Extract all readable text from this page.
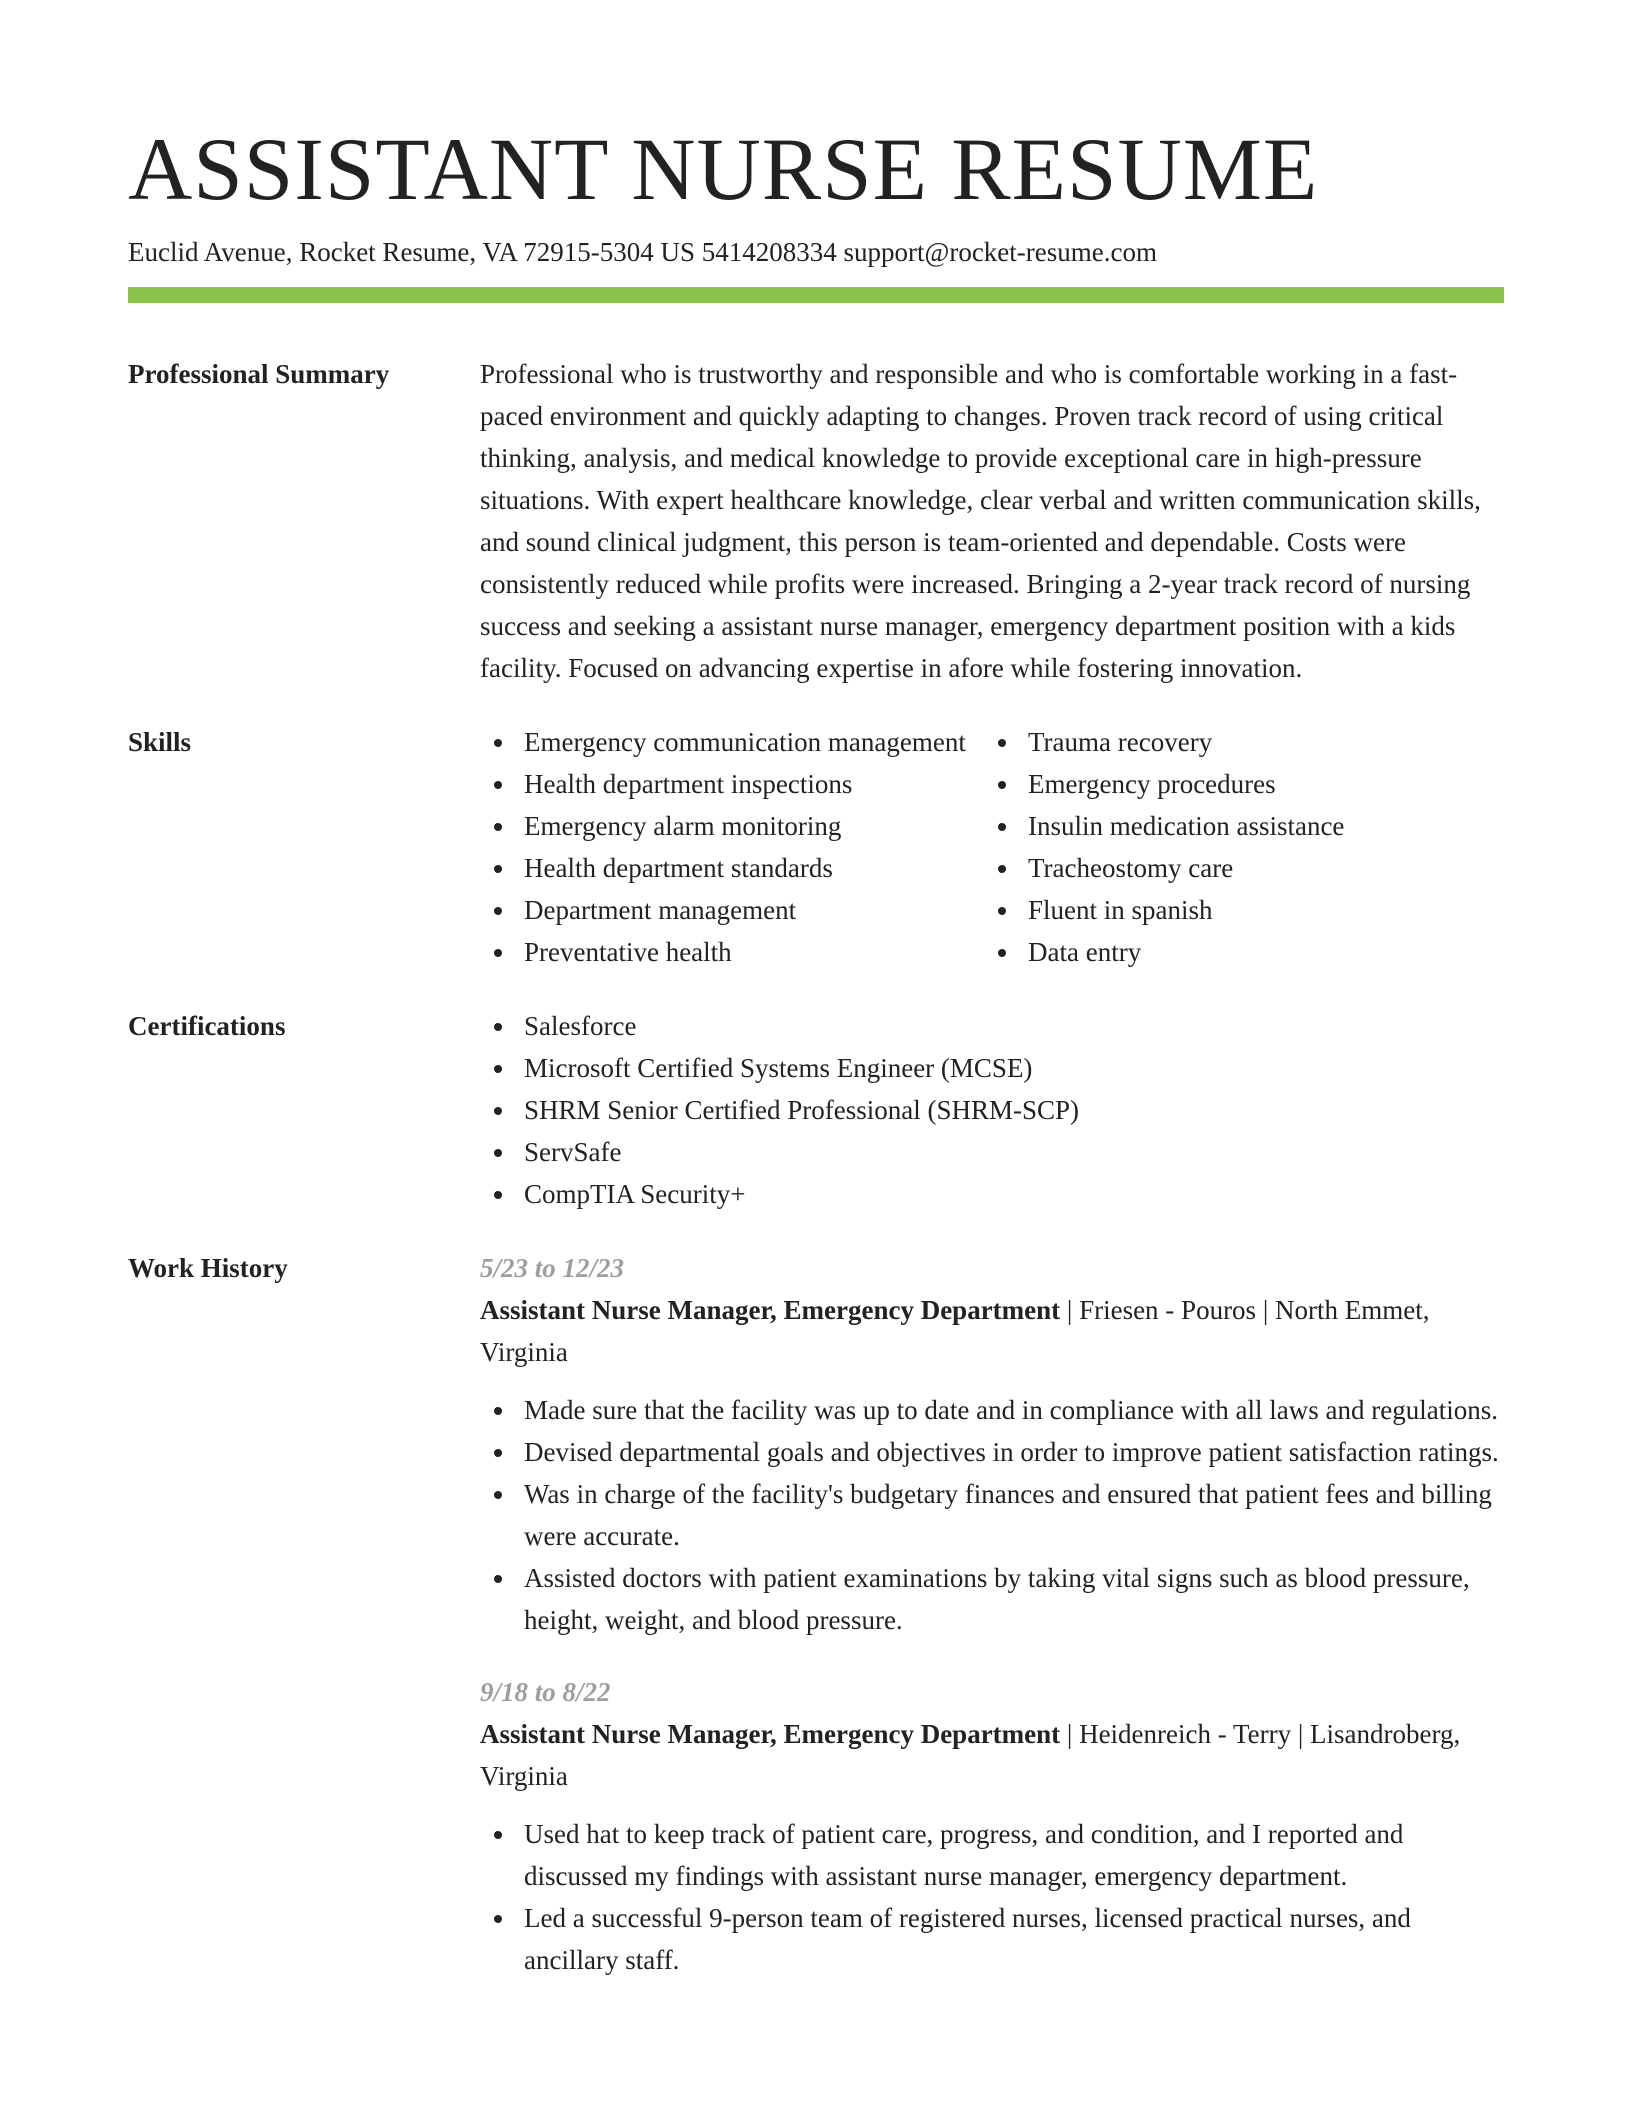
ASSISTANT NURSE RESUME
Euclid Avenue, Rocket Resume, VA 72915-5304 US 5414208334 support@rocket-resume.com
Professional Summary	Professional who is trustworthy and responsible and who is comfortable working in a fast-paced environment and quickly adapting to changes. Proven track record of using critical thinking, analysis, and medical knowledge to provide exceptional care in high-pressure situations. With expert healthcare knowledge, clear verbal and written communication skills, and sound clinical judgment, this person is team-oriented and dependable. Costs were consistently reduced while profits were increased. Bringing a 2-year track record of nursing success and seeking a assistant nurse manager, emergency department position with a kids facility. Focused on advancing expertise in afore while fostering innovation.
Skills	Emergency communication management
Health department inspections
Emergency alarm monitoring
Health department standards
Department management
Preventative health
Trauma recovery
Emergency procedures
Insulin medication assistance
Tracheostomy care
Fluent in spanish
Data entry
Certifications	Salesforce
Microsoft Certified Systems Engineer (MCSE)
SHRM Senior Certified Professional (SHRM-SCP)
ServSafe
CompTIA Security+
Work History	5/23 to 12/23
Assistant Nurse Manager, Emergency Department | Friesen - Pouros | North Emmet, Virginia
Made sure that the facility was up to date and in compliance with all laws and regulations.
Devised departmental goals and objectives in order to improve patient satisfaction ratings.
Was in charge of the facility's budgetary finances and ensured that patient fees and billing were accurate.
Assisted doctors with patient examinations by taking vital signs such as blood pressure, height, weight, and blood pressure.
9/18 to 8/22
Assistant Nurse Manager, Emergency Department | Heidenreich - Terry | Lisandroberg, Virginia
Used hat to keep track of patient care, progress, and condition, and I reported and discussed my findings with assistant nurse manager, emergency department.
Led a successful 9-person team of registered nurses, licensed practical nurses, and ancillary staff.
